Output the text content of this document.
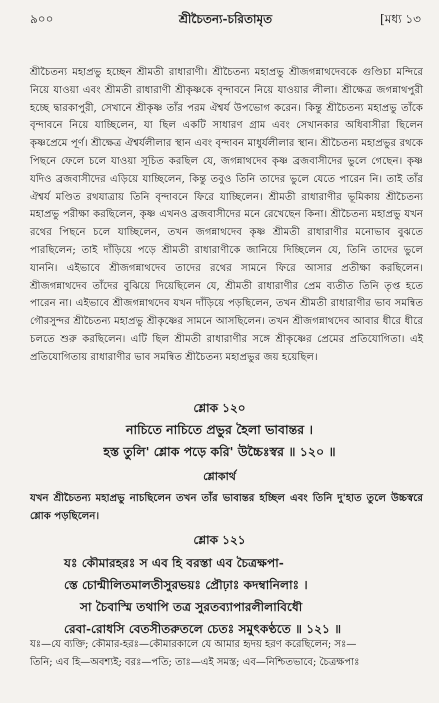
৯০০	শ্রীচৈতন্য-চরিতামৃত	[মধ্য ১৩
শ্রীচৈতন্য মহাপ্রভু হচ্ছেন শ্রীমতী রাধারাণী। শ্রীচৈতন্য মহাপ্রভু শ্রীজগন্নাথদেবকে গুণ্ডিচা মন্দিরে নিয়ে যাওয়া এবং শ্রীমতী রাধারাণী শ্রীকৃষ্ণকে বৃন্দাবনে নিয়ে যাওয়ার লীলা। শ্রীক্ষেত্র জগন্নাথপুরী হচ্ছে দ্বারকাপুরী, সেখানে শ্রীকৃষ্ণ তাঁর পরম ঐশ্বর্য উপভোগ করেন। কিন্তু শ্রীচৈতন্য মহাপ্রভু তাঁকে বৃন্দাবনে নিয়ে যাচ্ছিলেন, যা ছিল একটি সাধারণ গ্রাম এবং সেখানকার অধিবাসীরা ছিলেন কৃষ্ণপ্রেমে পূর্ণ। শ্রীক্ষেত্র ঐশ্বর্যলীলার স্থান এবং বৃন্দাবন মাধুর্যলীলার স্থান। শ্রীচৈতন্য মহাপ্রভুর রথকে পিছনে ফেলে চলে যাওয়া সূচিত করছিল যে, জগন্নাথদেব কৃষ্ণ ব্রজবাসীদের ভুলে গেছেন। কৃষ্ণ যদিও ব্রজবাসীদের এড়িয়ে যাচ্ছিলেন, কিন্তু তবুও তিনি তাদের ভুলে যেতে পারেন নি। তাই তাঁর ঐশ্বর্য মণ্ডিত রথযাত্রায় তিনি বৃন্দাবনে ফিরে যাচ্ছিলেন। শ্রীমতী রাধারাণীর ভূমিকায় শ্রীচৈতন্য মহাপ্রভু পরীক্ষা করছিলেন, কৃষ্ণ এখনও ব্রজবাসীদের মনে রেখেছেন কিনা। শ্রীচৈতন্য মহাপ্রভু যখন রথের পিছনে চলে যাচ্ছিলেন, তখন জগন্নাথদেব কৃষ্ণ শ্রীমতী রাধারাণীর মনোভাব বুঝতে পারছিলেন; তাই দাঁড়িয়ে পড়ে শ্রীমতী রাধারাণীকে জানিয়ে দিচ্ছিলেন যে, তিনি তাদের ভুলে যাননি। এইভাবে শ্রীজগন্নাথদেব তাদের রথের সামনে ফিরে আসার প্রতীক্ষা করছিলেন। শ্রীজগন্নাথদেব তাঁদের বুঝিয়ে দিয়েছিলেন যে, শ্রীমতী রাধারাণীর প্রেম ব্যতীত তিনি তৃপ্ত হতে পারেন না। এইভাবে শ্রীজগন্নাথদেব যখন দাঁড়িয়ে পড়ছিলেন, তখন শ্রীমতী রাধারাণীর ভাব সমন্বিত গৌরসুন্দর শ্রীচৈতন্য মহাপ্রভু শ্রীকৃষ্ণের সামনে আসছিলেন। তখন শ্রীজগন্নাথদেব আবার ধীরে ধীরে চলতে শুরু করছিলেন। এটি ছিল শ্রীমতী রাধারাণীর সঙ্গে শ্রীকৃষ্ণের প্রেমের প্রতিযোগিতা। এই প্রতিযোগিতায় রাধারাণীর ভাব সমন্বিত শ্রীচৈতন্য মহাপ্রভুর জয় হয়েছিল।
শ্লোক ১২০
নাচিতে নাচিতে প্রভুর হৈলা ভাবান্তর ।
হস্ত তুলি' শ্লোক পড়ে করি' উচ্চৈঃস্বর ॥ ১২০ ॥
শ্লোকার্থ
যখন শ্রীচৈতন্য মহাপ্রভু নাচছিলেন তখন তাঁর ভাবান্তর হচ্ছিল এবং তিনি দু'হাত তুলে উচ্চস্বরে শ্লোক পড়ছিলেন।
শ্লোক ১২১
যঃ কৌমারহরঃ স এব হি বরস্তা এব চৈত্রক্ষপা-
স্তে চোন্মীলিতমালতীসুরভয়ঃ প্রৌঢ়াঃ কদম্বানিলাঃ ।
সা চৈবাস্মি তথাপি তত্র সুরতব্যাপারলীলাবিধৌ
রেবা-রোধসি বেতসীতরুতলে চেতঃ সমুৎকণ্ঠতে ॥ ১২১ ॥
যঃ—যে ব্যক্তি; কৌমার-হরঃ—কৌমারকালে যে আমার হৃদয় হরণ করেছিলেন; সঃ—
তিনি; এব হি—অবশ্যই; বরঃ—পতি; তাঃ—এই সমস্ত; এব—নিশ্চিতভাবে; চৈত্রক্ষপাঃ
